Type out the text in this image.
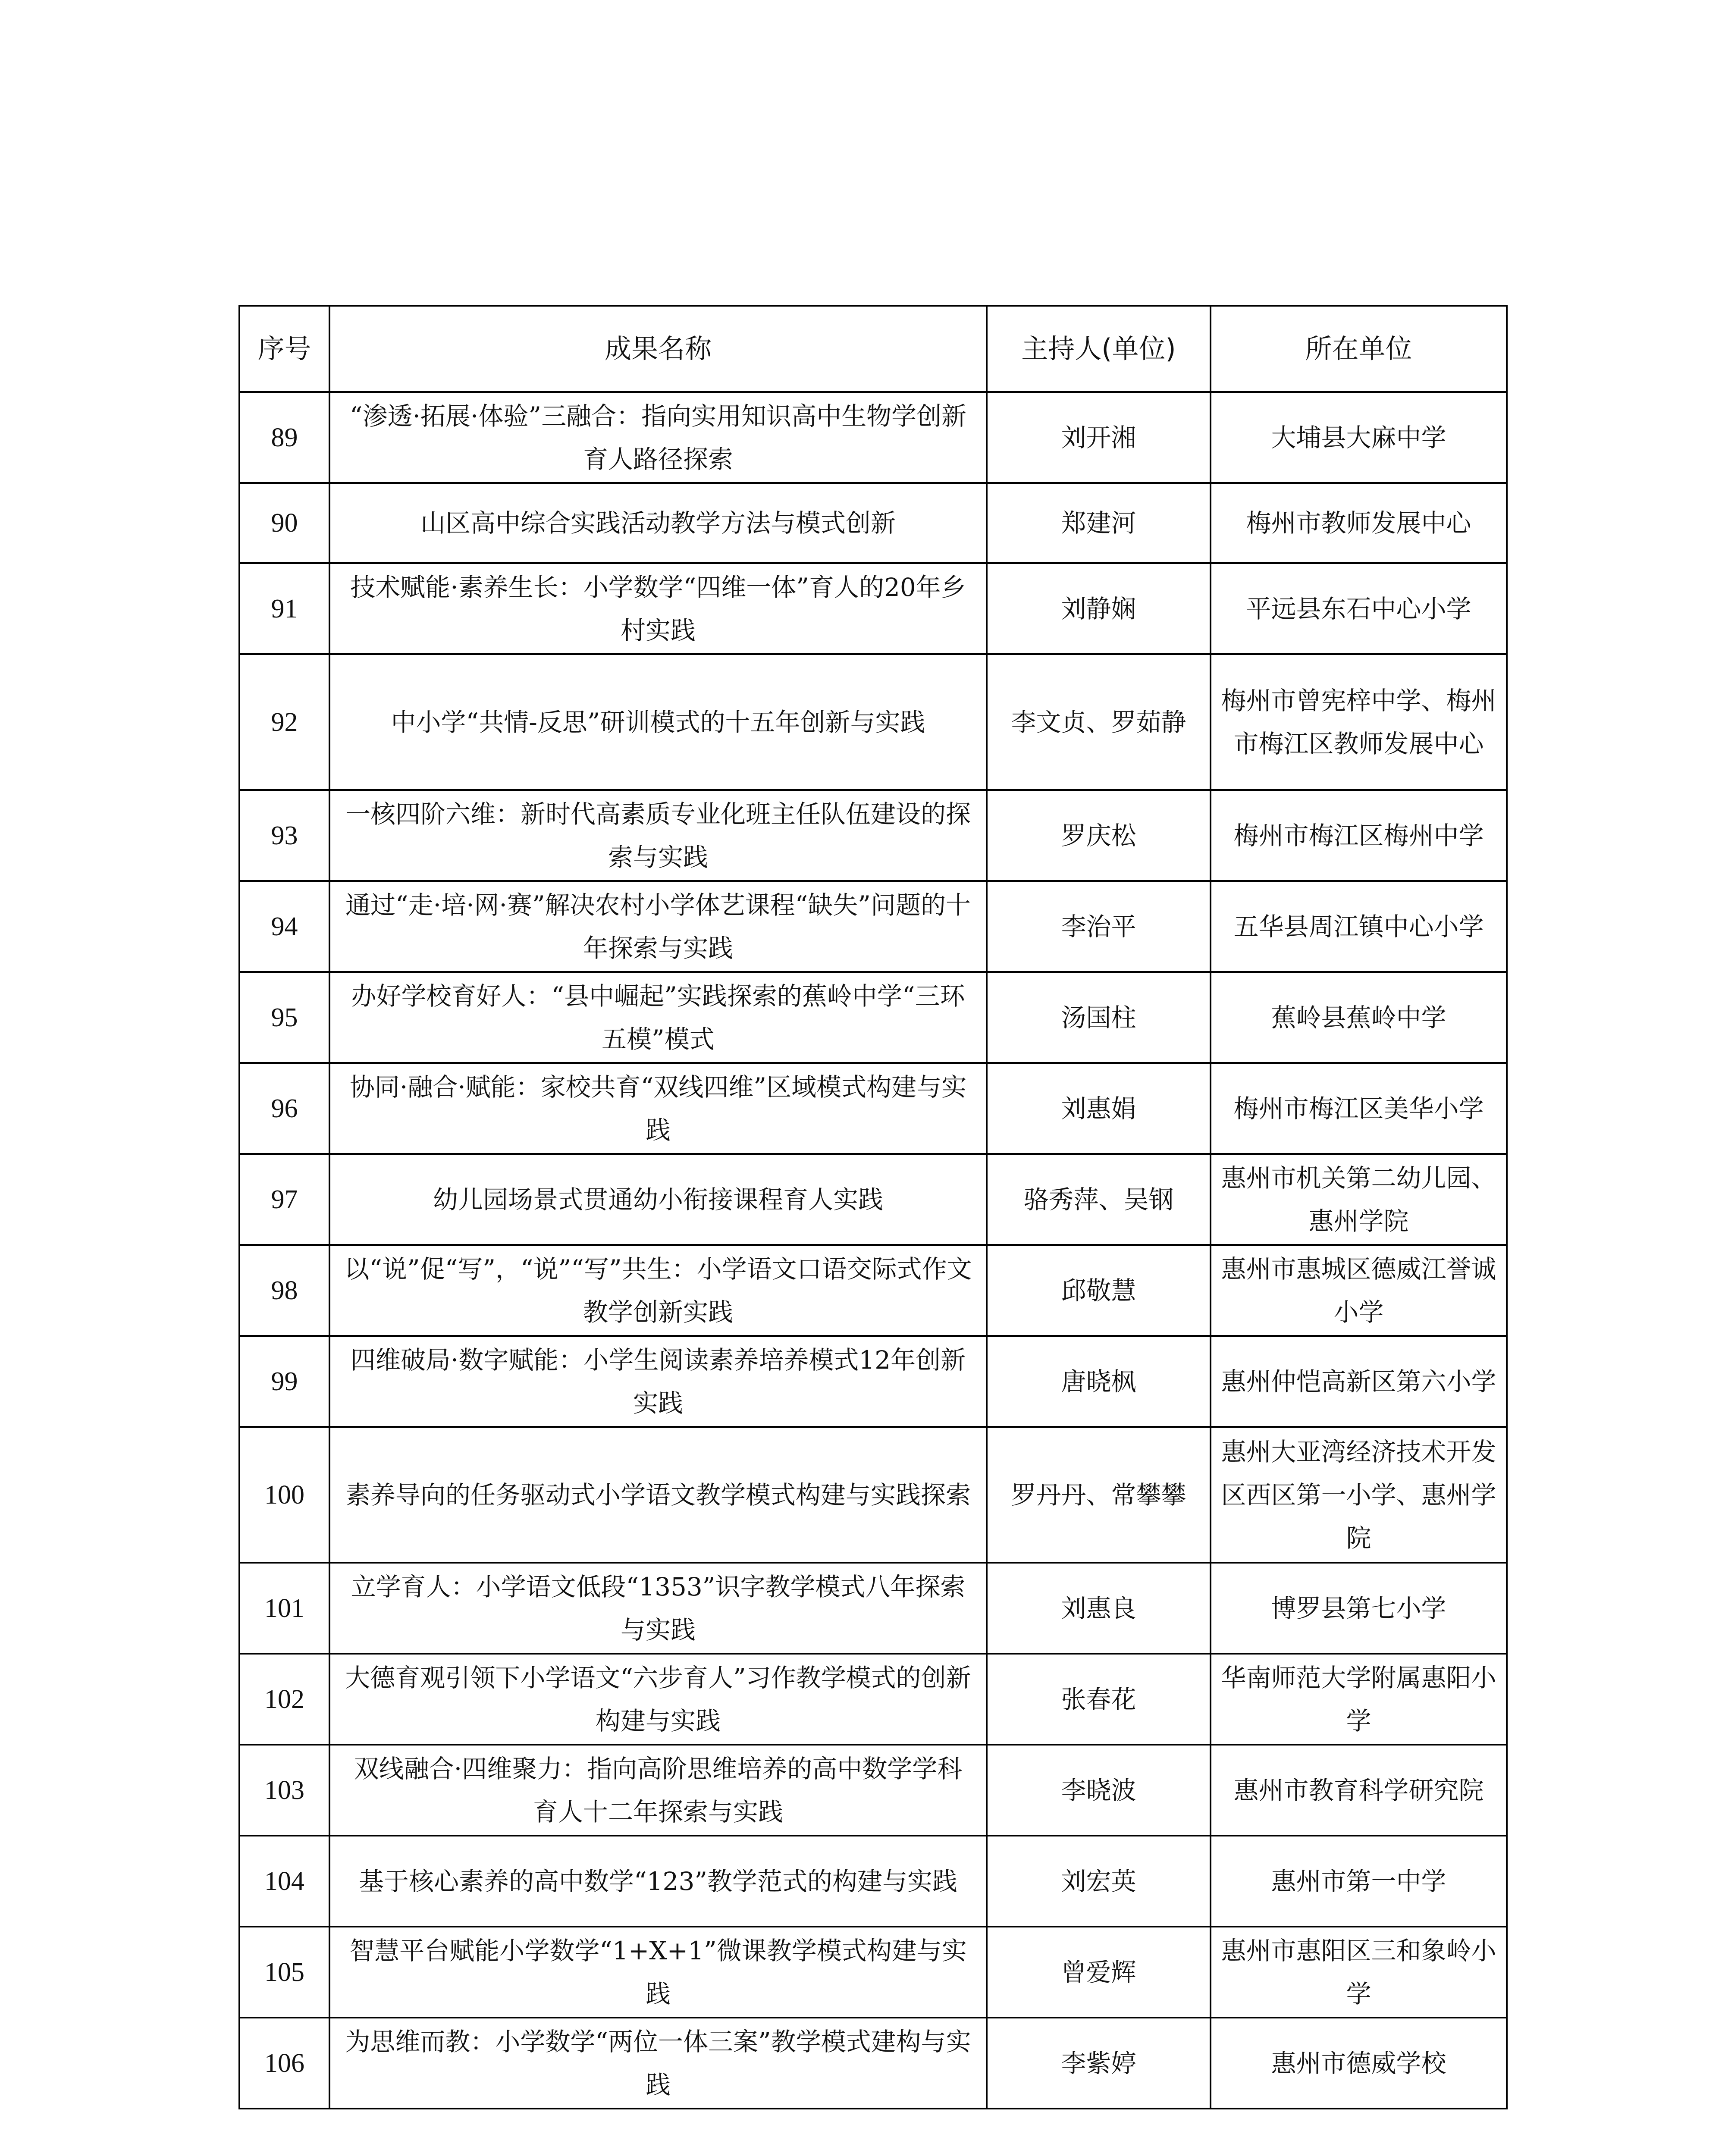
序号	成果名称	主持人(单位)	所在单位
89	“渗透·拓展·体验”三融合：指向实用知识高中生物学创新育人路径探索	刘开湘	大埔县大麻中学
90	山区高中综合实践活动教学方法与模式创新	郑建河	梅州市教师发展中心
91	技术赋能·素养生长：小学数学“四维一体”育人的20年乡村实践	刘静娴	平远县东石中心小学
92	中小学“共情-反思”研训模式的十五年创新与实践	李文贞、罗茹静	梅州市曾宪梓中学、梅州市梅江区教师发展中心
93	一核四阶六维：新时代高素质专业化班主任队伍建设的探索与实践	罗庆松	梅州市梅江区梅州中学
94	通过“走·培·网·赛”解决农村小学体艺课程“缺失”问题的十年探索与实践	李治平	五华县周江镇中心小学
95	办好学校育好人：“县中崛起”实践探索的蕉岭中学“三环五模”模式	汤国柱	蕉岭县蕉岭中学
96	协同·融合·赋能：家校共育“双线四维”区域模式构建与实践	刘惠娟	梅州市梅江区美华小学
97	幼儿园场景式贯通幼小衔接课程育人实践	骆秀萍、吴钢	惠州市机关第二幼儿园、惠州学院
98	以“说”促“写”，“说”“写”共生：小学语文口语交际式作文教学创新实践	邱敬慧	惠州市惠城区德威江誉诚小学
99	四维破局·数字赋能：小学生阅读素养培养模式12年创新实践	唐晓枫	惠州仲恺高新区第六小学
100	素养导向的任务驱动式小学语文教学模式构建与实践探索	罗丹丹、常攀攀	惠州大亚湾经济技术开发区西区第一小学、惠州学院
101	立学育人：小学语文低段“1353”识字教学模式八年探索与实践	刘惠良	博罗县第七小学
102	大德育观引领下小学语文“六步育人”习作教学模式的创新构建与实践	张春花	华南师范大学附属惠阳小学
103	双线融合·四维聚力：指向高阶思维培养的高中数学学科育人十二年探索与实践	李晓波	惠州市教育科学研究院
104	基于核心素养的高中数学“123”教学范式的构建与实践	刘宏英	惠州市第一中学
105	智慧平台赋能小学数学“1+X+1”微课教学模式构建与实践	曾爱辉	惠州市惠阳区三和象岭小学
106	为思维而教：小学数学“两位一体三案”教学模式建构与实践	李紫婷	惠州市德威学校
